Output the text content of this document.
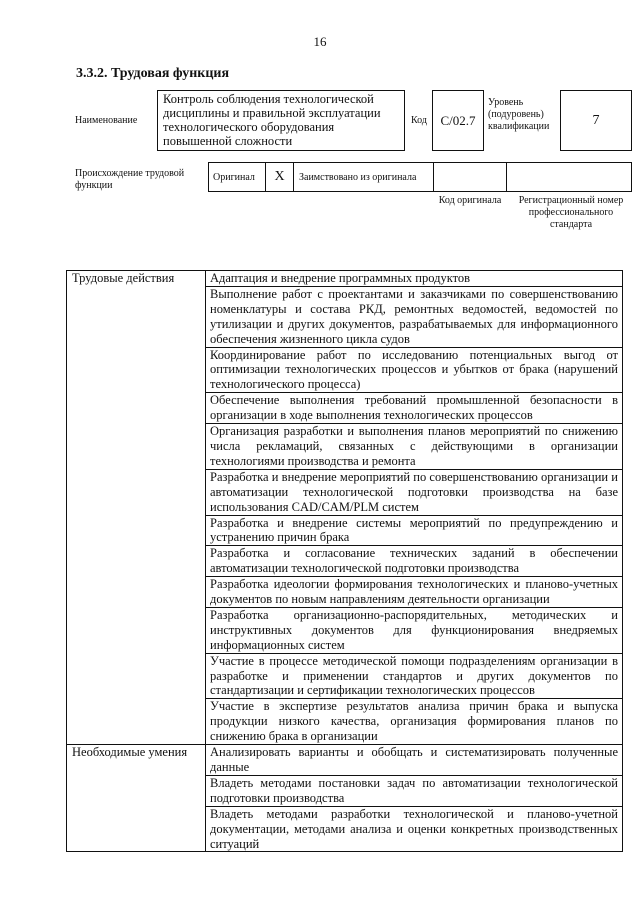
16
3.3.2. Трудовая функция
Наименование
Контроль соблюдения технологической дисциплины и правильной эксплуатации технологического оборудования повышенной сложности
Код	С/02.7
Уровень (подуровень) квалификации	7
Происхождение трудовой функции
Оригинал	X	Заимствовано из оригинала
Код оригинала	Регистрационный номер профессионального стандарта
Трудовые действия	Адаптация и внедрение программных продуктов
	Выполнение работ с проектантами и заказчиками по совершенствованию номенклатуры и состава РКД, ремонтных ведомостей, ведомостей по утилизации и других документов, разрабатываемых для информационного обеспечения жизненного цикла судов
	Координирование работ по исследованию потенциальных выгод от оптимизации технологических процессов и убытков от брака (нарушений технологического процесса)
	Обеспечение выполнения требований промышленной безопасности в организации в ходе выполнения технологических процессов
	Организация разработки и выполнения планов мероприятий по снижению числа рекламаций, связанных с действующими в организации технологиями производства и ремонта
	Разработка и внедрение мероприятий по совершенствованию организации и автоматизации технологической подготовки производства на базе использования CAD/CAM/PLM систем
	Разработка и внедрение системы мероприятий по предупреждению и устранению причин брака
	Разработка и согласование технических заданий в обеспечении автоматизации технологической подготовки производства
	Разработка идеологии формирования технологических и планово-учетных документов по новым направлениям деятельности организации
	Разработка организационно-распорядительных, методических и инструктивных документов для функционирования внедряемых информационных систем
	Участие в процессе методической помощи подразделениям организации в разработке и применении стандартов и других документов по стандартизации и сертификации технологических процессов
	Участие в экспертизе результатов анализа причин брака и выпуска продукции низкого качества, организация формирования планов по снижению брака в организации
Необходимые умения	Анализировать варианты и обобщать и систематизировать полученные данные
	Владеть методами постановки задач по автоматизации технологической подготовки производства
	Владеть методами разработки технологической и планово-учетной документации, методами анализа и оценки конкретных производственных ситуаций
